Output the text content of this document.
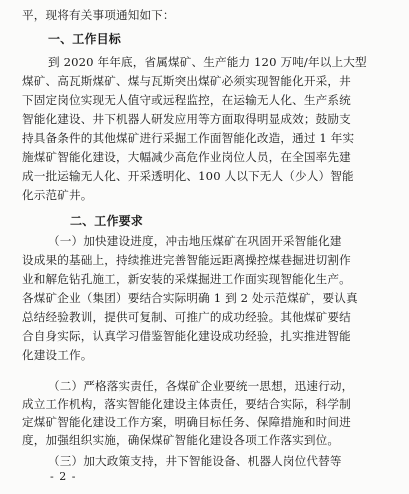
平，现将有关事项通知如下：
一、工作目标
到 2020 年年底，省属煤矿、生产能力 120 万吨/年以上大型
煤矿、高瓦斯煤矿、煤与瓦斯突出煤矿必须实现智能化开采，井
下固定岗位实现无人值守或远程监控，在运输无人化、生产系统
智能化建设、井下机器人研发应用等方面取得明显成效；鼓励支
持具备条件的其他煤矿进行采掘工作面智能化改造，通过 1 年实
施煤矿智能化建设，大幅减少高危作业岗位人员，在全国率先建
成一批运输无人化、开采透明化、100 人以下无人（少人）智能
化示范矿井。
二、工作要求
（一）加快建设进度，冲击地压煤矿在巩固开采智能化建
设成果的基础上，持续推进完善智能远距离操控煤巷掘进切割作
业和解危钻孔施工，新安装的采煤掘进工作面实现智能化生产。
各煤矿企业（集团）要结合实际明确 1 到 2 处示范煤矿，要认真
总结经验教训，提供可复制、可推广的成功经验。其他煤矿要结
合自身实际，认真学习借鉴智能化建设成功经验，扎实推进智能
化建设工作。
（二）严格落实责任，各煤矿企业要统一思想，迅速行动，
成立工作机构，落实智能化建设主体责任，要结合实际，科学制
定煤矿智能化建设工作方案，明确目标任务、保障措施和时间进
度，加强组织实施，确保煤矿智能化建设各项工作落实到位。
（三）加大政策支持，井下智能设备、机器人岗位代替等
- 2 -
